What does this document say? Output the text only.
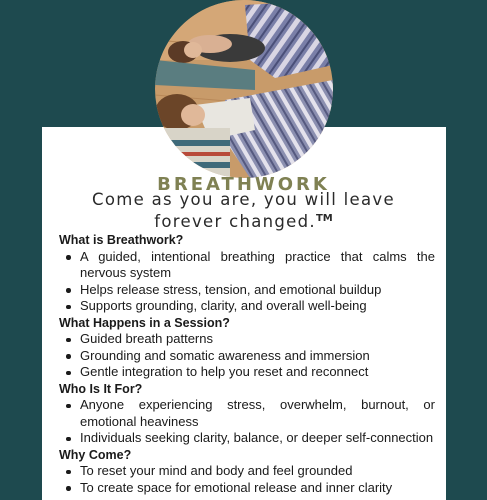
BREATHWORK
Come as you are, you will leave
forever changed.™
What is Breathwork?
A guided, intentional breathing practice that calms the nervous system
Helps release stress, tension, and emotional buildup
Supports grounding, clarity, and overall well-being
What Happens in a Session?
Guided breath patterns
Grounding and somatic awareness and immersion
Gentle integration to help you reset and reconnect
Who Is It For?
Anyone experiencing stress, overwhelm, burnout, or emotional heaviness
Individuals seeking clarity, balance, or deeper self-connection
Why Come?
To reset your mind and body and feel grounded
To create space for emotional release and inner clarity
